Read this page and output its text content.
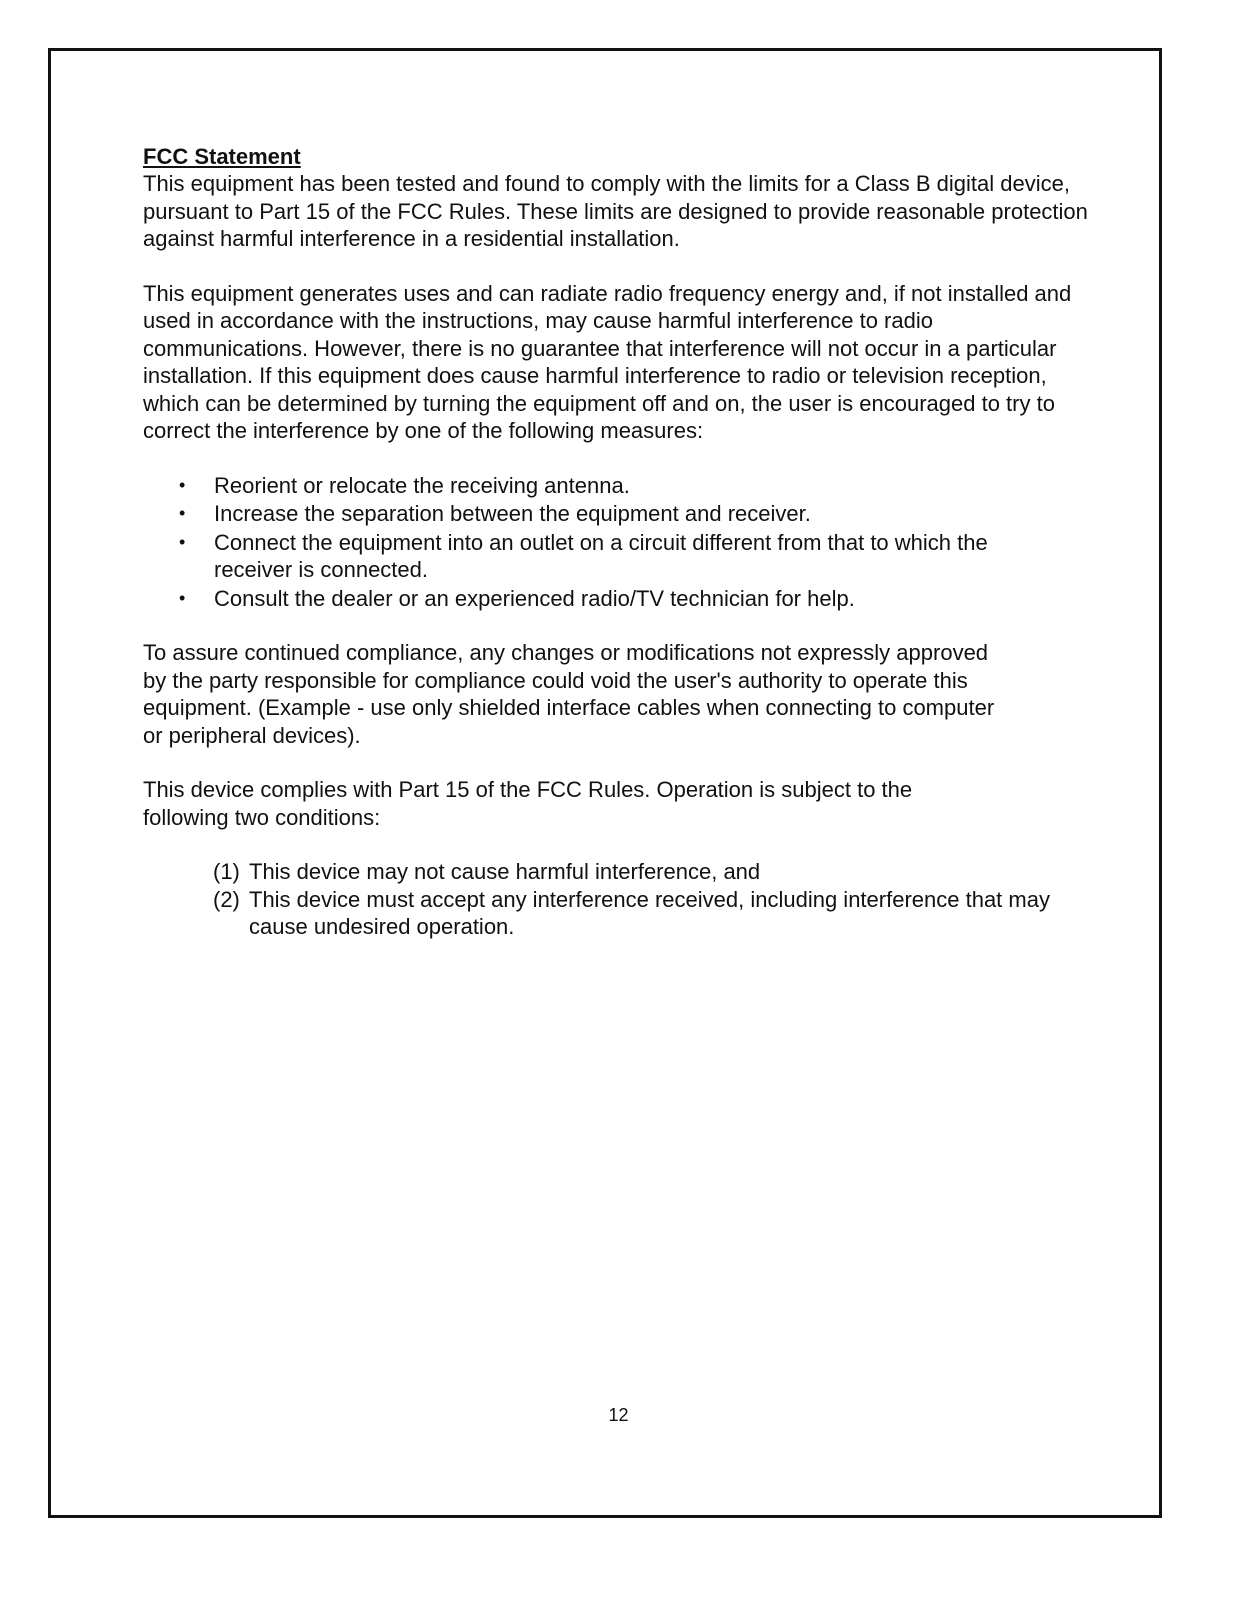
FCC Statement

This equipment has been tested and found to comply with the limits for a Class B digital device, pursuant to Part 15 of the FCC Rules. These limits are designed to provide reasonable protection against harmful interference in a residential installation.

This equipment generates uses and can radiate radio frequency energy and, if not installed and used in accordance with the instructions, may cause harmful interference to radio communications. However, there is no guarantee that interference will not occur in a particular installation. If this equipment does cause harmful interference to radio or television reception, which can be determined by turning the equipment off and on, the user is encouraged to try to correct the interference by one of the following measures:

• Reorient or relocate the receiving antenna.
• Increase the separation between the equipment and receiver.
• Connect the equipment into an outlet on a circuit different from that to which the receiver is connected.
• Consult the dealer or an experienced radio/TV technician for help.

To assure continued compliance, any changes or modifications not expressly approved by the party responsible for compliance could void the user's authority to operate this equipment. (Example - use only shielded interface cables when connecting to computer or peripheral devices).

This device complies with Part 15 of the FCC Rules. Operation is subject to the following two conditions:

(1) This device may not cause harmful interference, and
(2) This device must accept any interference received, including interference that may cause undesired operation.
12
